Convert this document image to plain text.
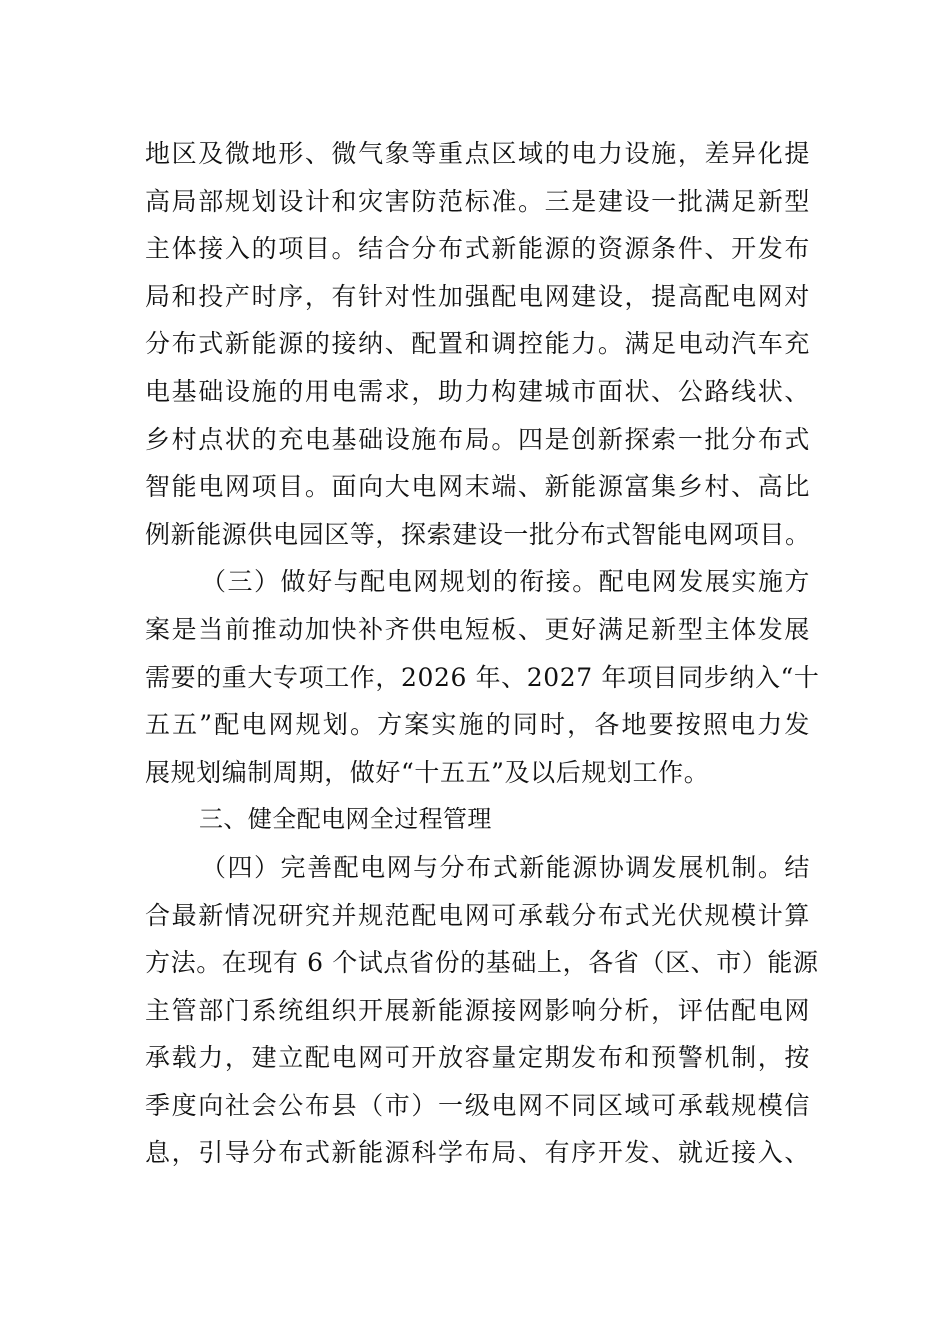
地区及微地形、微气象等重点区域的电力设施，差异化提
高局部规划设计和灾害防范标准。三是建设一批满足新型
主体接入的项目。结合分布式新能源的资源条件、开发布
局和投产时序，有针对性加强配电网建设，提高配电网对
分布式新能源的接纳、配置和调控能力。满足电动汽车充
电基础设施的用电需求，助力构建城市面状、公路线状、
乡村点状的充电基础设施布局。四是创新探索一批分布式
智能电网项目。面向大电网末端、新能源富集乡村、高比
例新能源供电园区等，探索建设一批分布式智能电网项目。
（三）做好与配电网规划的衔接。配电网发展实施方
案是当前推动加快补齐供电短板、更好满足新型主体发展
需要的重大专项工作，2026 年、2027 年项目同步纳入“十
五五”配电网规划。方案实施的同时，各地要按照电力发
展规划编制周期，做好“十五五”及以后规划工作。
三、健全配电网全过程管理
（四）完善配电网与分布式新能源协调发展机制。结
合最新情况研究并规范配电网可承载分布式光伏规模计算
方法。在现有 6 个试点省份的基础上，各省（区、市）能源
主管部门系统组织开展新能源接网影响分析，评估配电网
承载力，建立配电网可开放容量定期发布和预警机制，按
季度向社会公布县（市）一级电网不同区域可承载规模信
息，引导分布式新能源科学布局、有序开发、就近接入、
